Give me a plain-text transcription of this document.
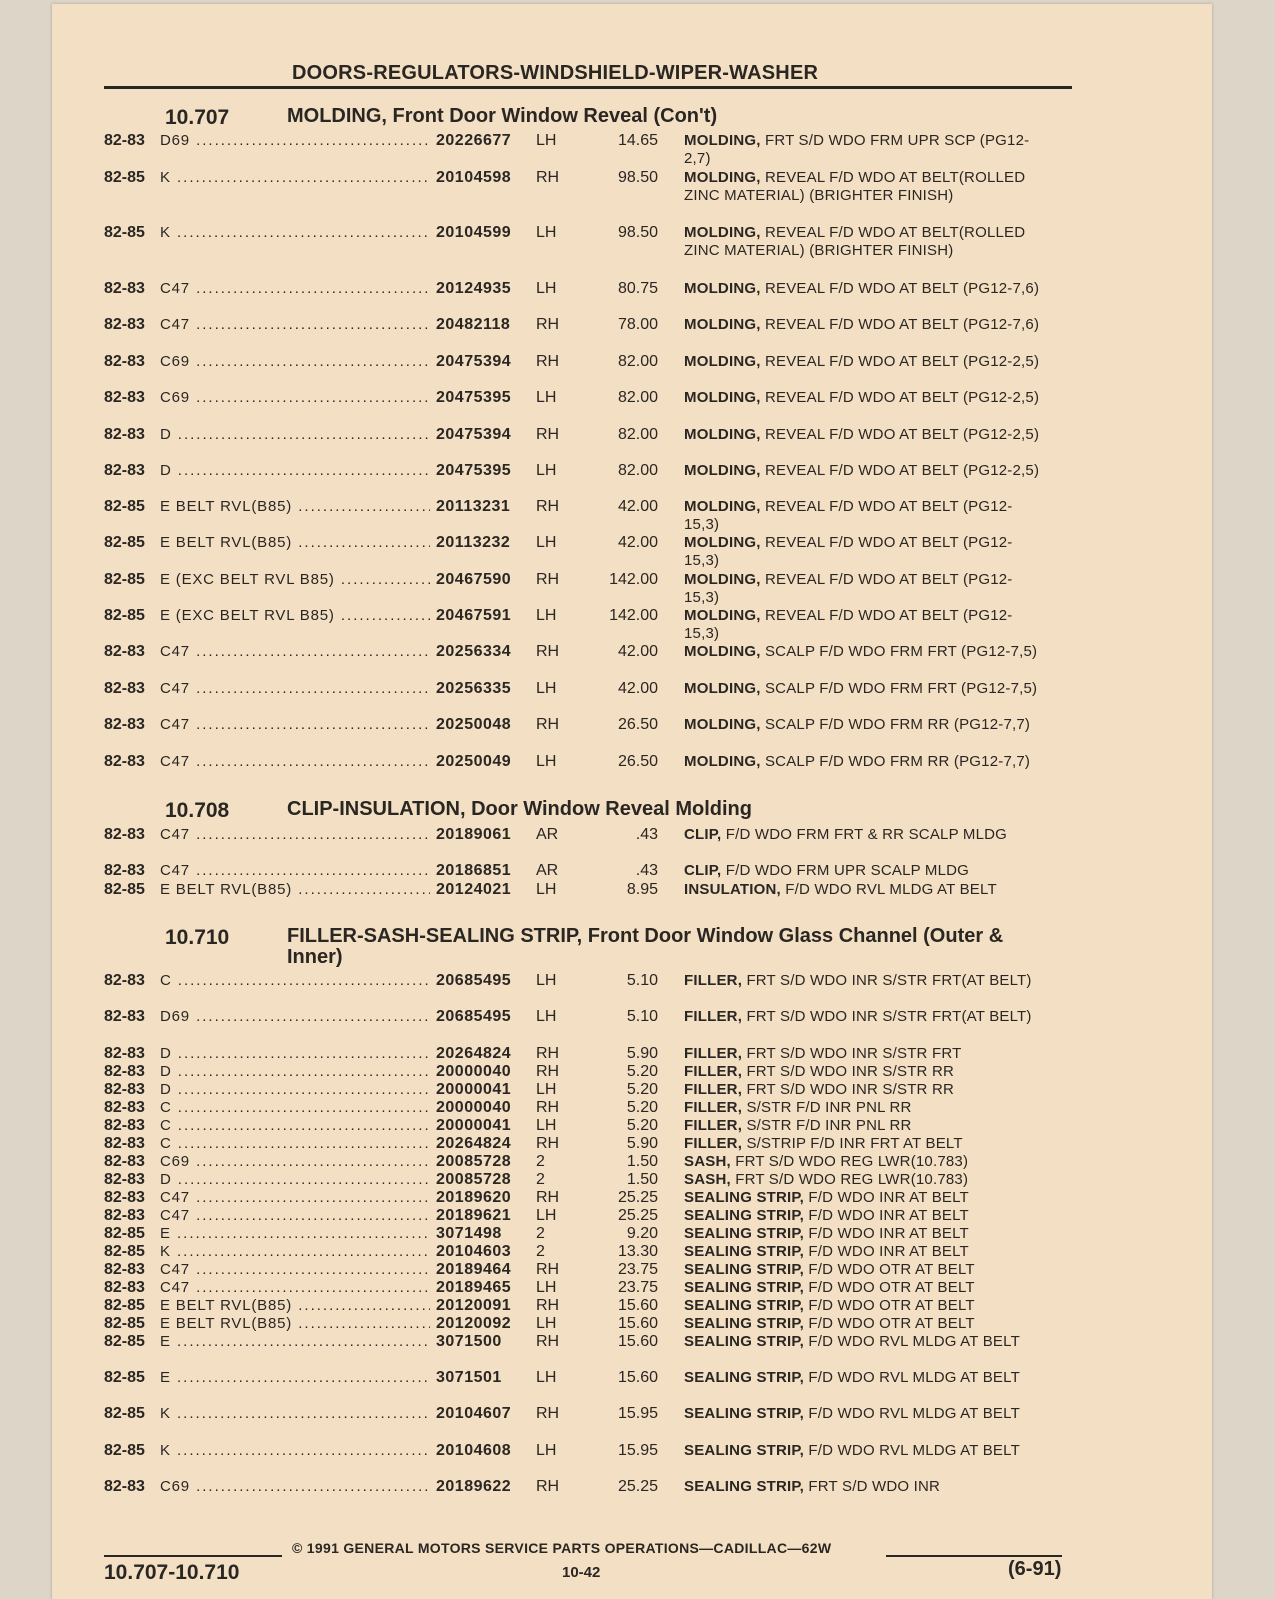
DOORS-REGULATORS-WINDSHIELD-WIPER-WASHER
10.707	MOLDING, Front Door Window Reveal (Con't)
82-83 D69 .....	20226677 LH	14.65 MOLDING, FRT S/D WDO FRM UPR SCP (PG12-2,7)
82-85 K .....	20104598 RH	98.50 MOLDING, REVEAL F/D WDO AT BELT(ROLLED ZINC MATERIAL) (BRIGHTER FINISH)
82-85 K .....	20104599 LH	98.50 MOLDING, REVEAL F/D WDO AT BELT(ROLLED ZINC MATERIAL) (BRIGHTER FINISH)
82-83 C47 .....	20124935 LH	80.75 MOLDING, REVEAL F/D WDO AT BELT (PG12-7,6)
82-83 C47 .....	20482118 RH	78.00 MOLDING, REVEAL F/D WDO AT BELT (PG12-7,6)
82-83 C69 .....	20475394 RH	82.00 MOLDING, REVEAL F/D WDO AT BELT (PG12-2,5)
82-83 C69 .....	20475395 LH	82.00 MOLDING, REVEAL F/D WDO AT BELT (PG12-2,5)
82-83 D .....	20475394 RH	82.00 MOLDING, REVEAL F/D WDO AT BELT (PG12-2,5)
82-83 D .....	20475395 LH	82.00 MOLDING, REVEAL F/D WDO AT BELT (PG12-2,5)
82-85 E BELT RVL(B85) .....	20113231 RH	42.00 MOLDING, REVEAL F/D WDO AT BELT (PG12-15,3)
82-85 E BELT RVL(B85) .....	20113232 LH	42.00 MOLDING, REVEAL F/D WDO AT BELT (PG12-15,3)
82-85 E (EXC BELT RVL B85) .....	20467590 RH	142.00 MOLDING, REVEAL F/D WDO AT BELT (PG12-15,3)
82-85 E (EXC BELT RVL B85) .....	20467591 LH	142.00 MOLDING, REVEAL F/D WDO AT BELT (PG12-15,3)
82-83 C47 .....	20256334 RH	42.00 MOLDING, SCALP F/D WDO FRM FRT (PG12-7,5)
82-83 C47 .....	20256335 LH	42.00 MOLDING, SCALP F/D WDO FRM FRT (PG12-7,5)
82-83 C47 .....	20250048 RH	26.50 MOLDING, SCALP F/D WDO FRM RR (PG12-7,7)
82-83 C47 .....	20250049 LH	26.50 MOLDING, SCALP F/D WDO FRM RR (PG12-7,7)
10.708	CLIP-INSULATION, Door Window Reveal Molding
82-83 C47 .....	20189061 AR	.43 CLIP, F/D WDO FRM FRT & RR SCALP MLDG
82-83 C47 .....	20186851 AR	.43 CLIP, F/D WDO FRM UPR SCALP MLDG
82-85 E BELT RVL(B85) .....	20124021 LH	8.95 INSULATION, F/D WDO RVL MLDG AT BELT
10.710	FILLER-SASH-SEALING STRIP, Front Door Window Glass Channel (Outer & Inner)
82-83 C .....	20685495 LH	5.10 FILLER, FRT S/D WDO INR S/STR FRT(AT BELT)
82-83 D69 .....	20685495 LH	5.10 FILLER, FRT S/D WDO INR S/STR FRT(AT BELT)
82-83 D .....	20264824 RH	5.90 FILLER, FRT S/D WDO INR S/STR FRT
82-83 D .....	20000040 RH	5.20 FILLER, FRT S/D WDO INR S/STR RR
82-83 D .....	20000041 LH	5.20 FILLER, FRT S/D WDO INR S/STR RR
82-83 C .....	20000040 RH	5.20 FILLER, S/STR F/D INR PNL RR
82-83 C .....	20000041 LH	5.20 FILLER, S/STR F/D INR PNL RR
82-83 C .....	20264824 RH	5.90 FILLER, S/STRIP F/D INR FRT AT BELT
82-83 C69 .....	20085728 2	1.50 SASH, FRT S/D WDO REG LWR(10.783)
82-83 D .....	20085728 2	1.50 SASH, FRT S/D WDO REG LWR(10.783)
82-83 C47 .....	20189620 RH	25.25 SEALING STRIP, F/D WDO INR AT BELT
82-83 C47 .....	20189621 LH	25.25 SEALING STRIP, F/D WDO INR AT BELT
82-85 E .....	3071498 2	9.20 SEALING STRIP, F/D WDO INR AT BELT
82-85 K .....	20104603 2	13.30 SEALING STRIP, F/D WDO INR AT BELT
82-83 C47 .....	20189464 RH	23.75 SEALING STRIP, F/D WDO OTR AT BELT
82-83 C47 .....	20189465 LH	23.75 SEALING STRIP, F/D WDO OTR AT BELT
82-85 E BELT RVL(B85) .....	20120091 RH	15.60 SEALING STRIP, F/D WDO OTR AT BELT
82-85 E BELT RVL(B85) .....	20120092 LH	15.60 SEALING STRIP, F/D WDO OTR AT BELT
82-85 E .....	3071500 RH	15.60 SEALING STRIP, F/D WDO RVL MLDG AT BELT
82-85 E .....	3071501 LH	15.60 SEALING STRIP, F/D WDO RVL MLDG AT BELT
82-85 K .....	20104607 RH	15.95 SEALING STRIP, F/D WDO RVL MLDG AT BELT
82-85 K .....	20104608 LH	15.95 SEALING STRIP, F/D WDO RVL MLDG AT BELT
82-83 C69 .....	20189622 RH	25.25 SEALING STRIP, FRT S/D WDO INR
© 1991 GENERAL MOTORS SERVICE PARTS OPERATIONS—CADILLAC—62W
10.707-10.710	10-42	(6-91)
